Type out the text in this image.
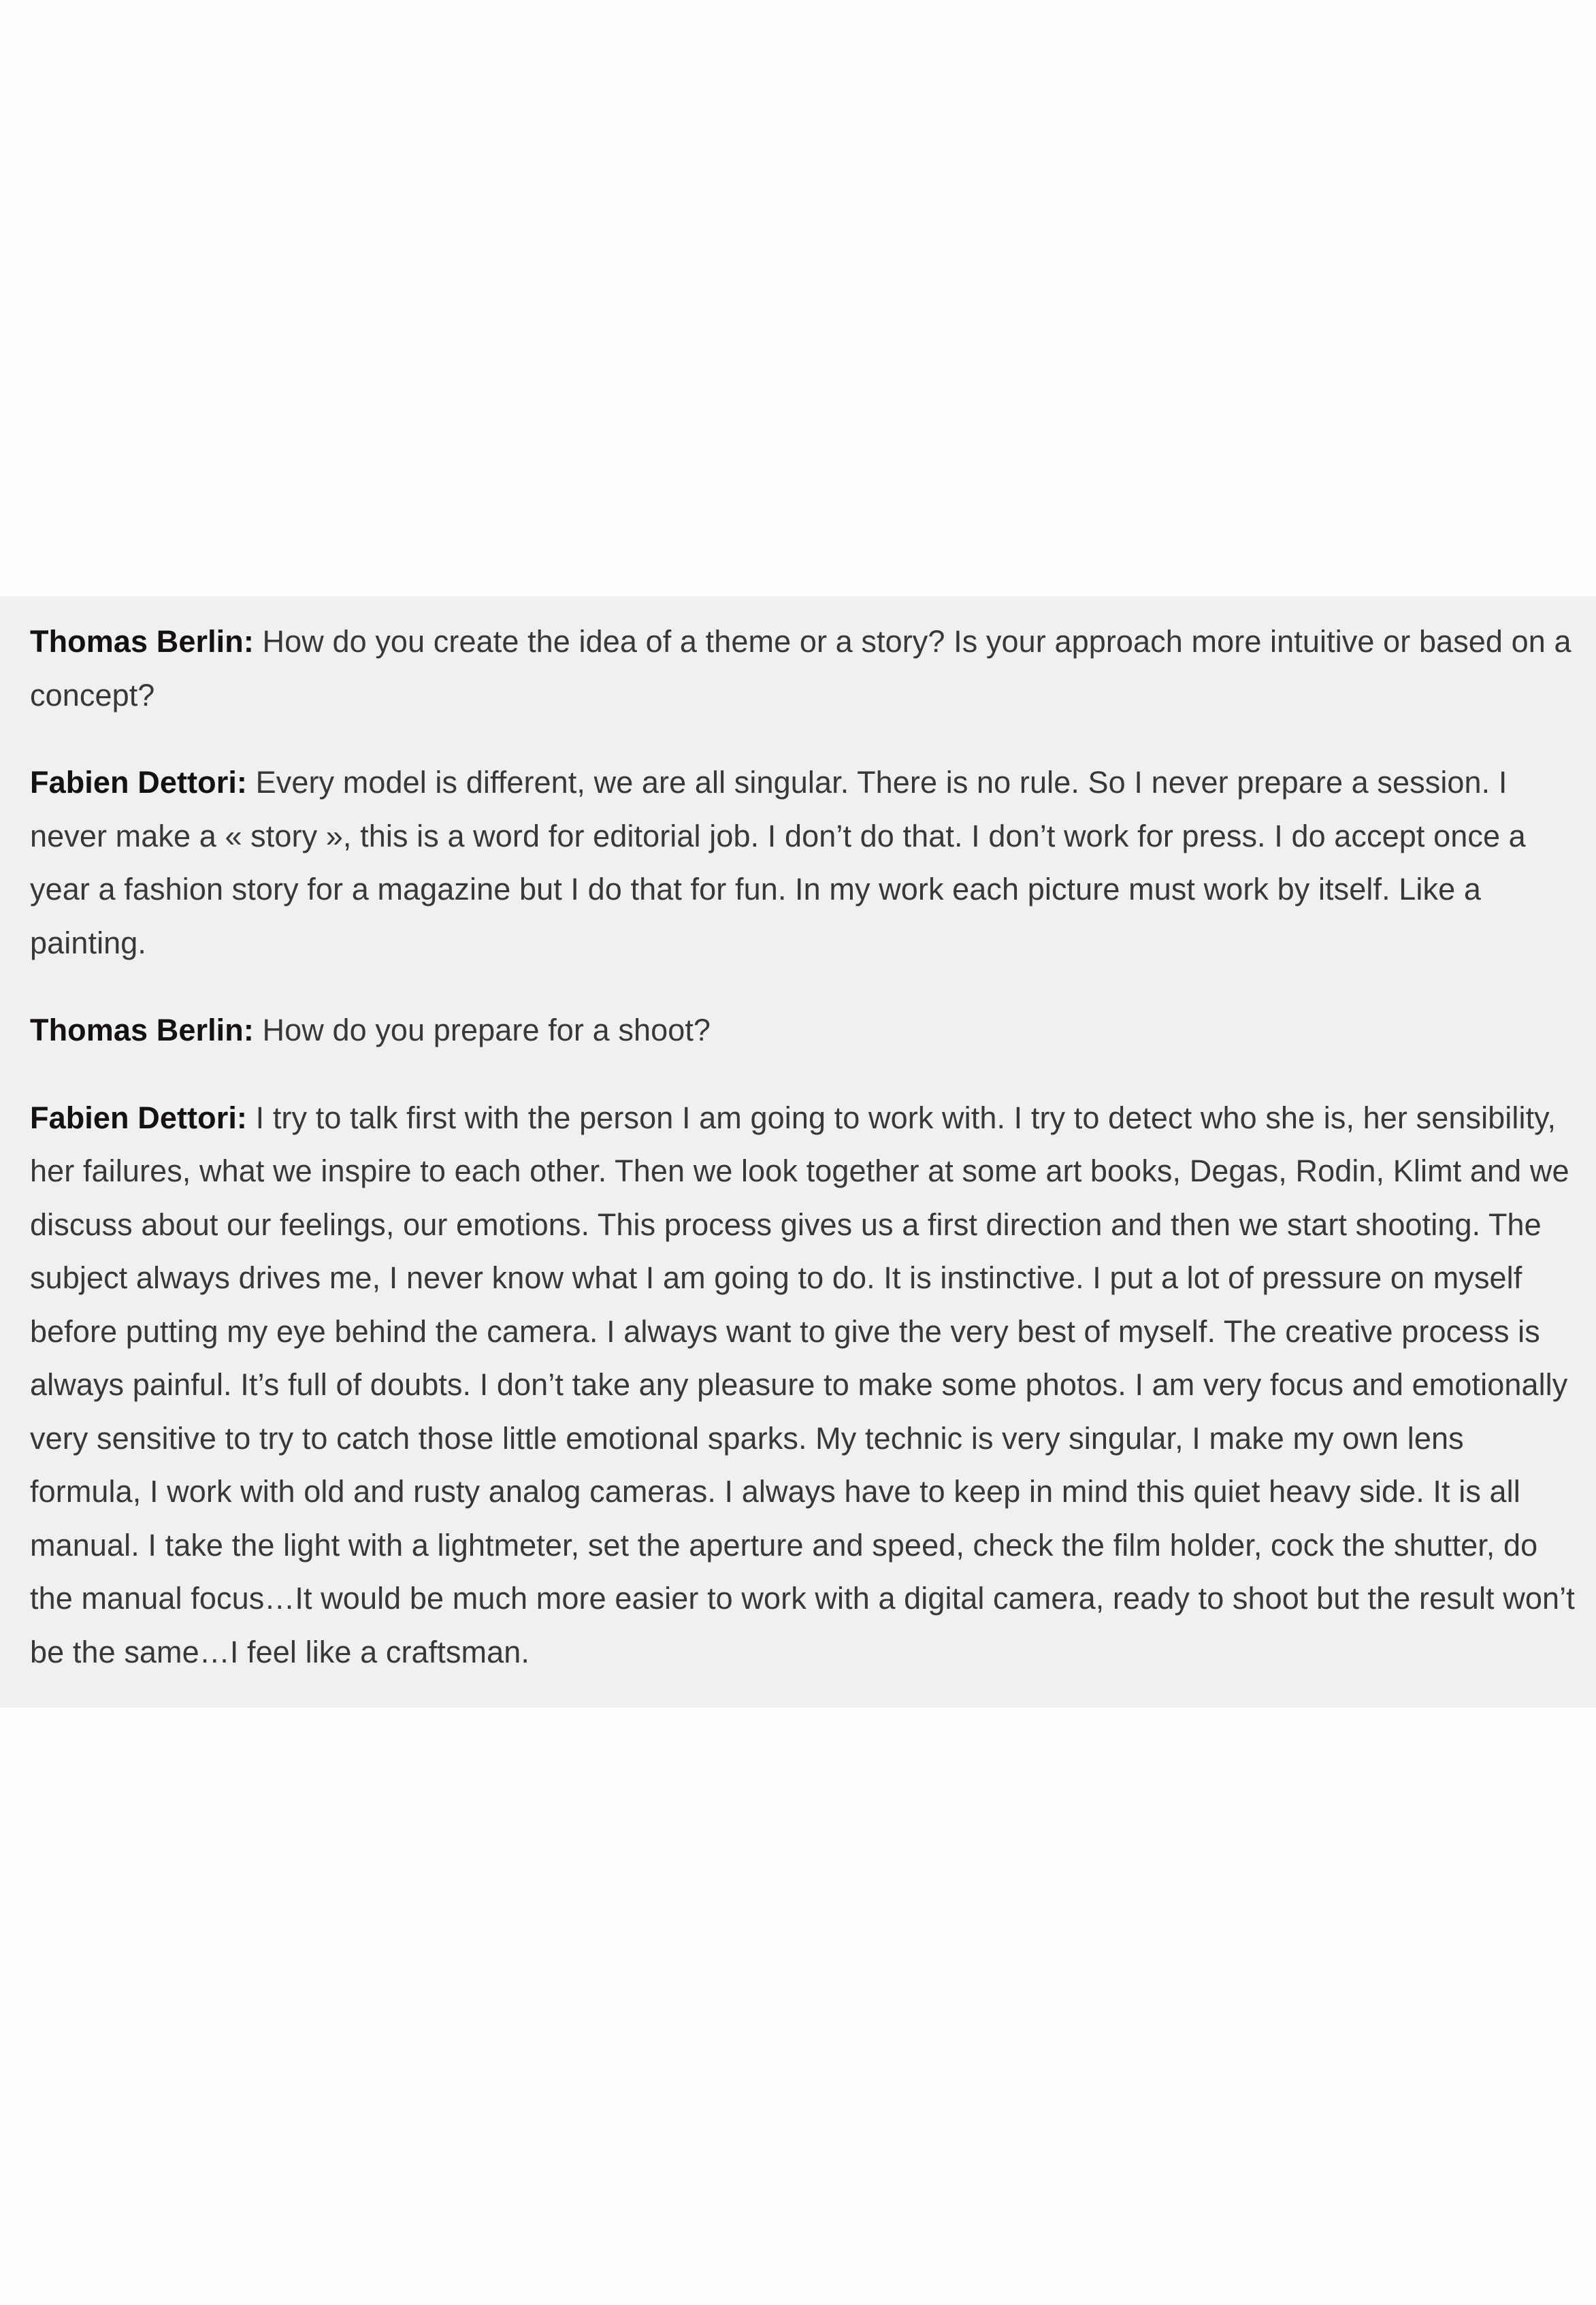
Thomas Berlin: How do you create the idea of a theme or a story? Is your approach more intuitive or based on a concept?

Fabien Dettori: Every model is different, we are all singular. There is no rule. So I never prepare a session. I never make a « story », this is a word for editorial job. I don’t do that. I don’t work for press. I do accept once a year a fashion story for a magazine but I do that for fun. In my work each picture must work by itself. Like a painting.

Thomas Berlin: How do you prepare for a shoot?

Fabien Dettori: I try to talk first with the person I am going to work with. I try to detect who she is, her sensibility, her failures, what we inspire to each other. Then we look together at some art books, Degas, Rodin, Klimt and we discuss about our feelings, our emotions. This process gives us a first direction and then we start shooting. The subject always drives me, I never know what I am going to do. It is instinctive. I put a lot of pressure on myself before putting my eye behind the camera. I always want to give the very best of myself. The creative process is always painful. It’s full of doubts. I don’t take any pleasure to make some photos. I am very focus and emotionally very sensitive to try to catch those little emotional sparks. My technic is very singular, I make my own lens formula, I work with old and rusty analog cameras. I always have to keep in mind this quiet heavy side. It is all manual. I take the light with a lightmeter, set the aperture and speed, check the film holder, cock the shutter, do the manual focus…It would be much more easier to work with a digital camera, ready to shoot but the result won’t be the same…I feel like a craftsman.
